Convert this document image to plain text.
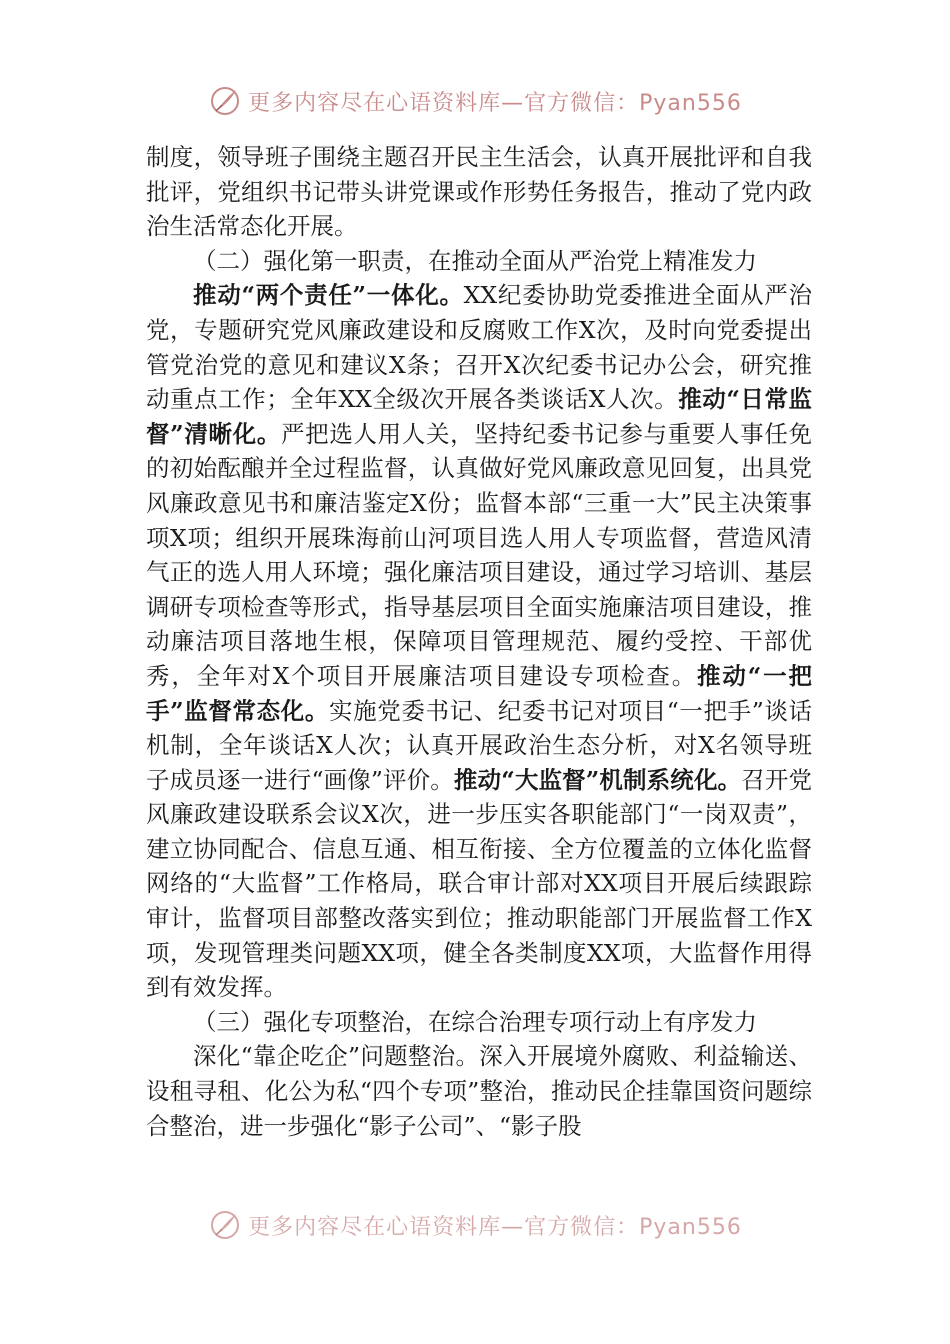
更多内容尽在心语资料库—官方微信：Pyan556

制度，领导班子围绕主题召开民主生活会，认真开展批评和自我批评，党组织书记带头讲党课或作形势任务报告，推动了党内政治生活常态化开展。

（二）强化第一职责，在推动全面从严治党上精准发力

推动“两个责任”一体化。XX纪委协助党委推进全面从严治党，专题研究党风廉政建设和反腐败工作X次，及时向党委提出管党治党的意见和建议X条；召开X次纪委书记办公会，研究推动重点工作；全年XX全级次开展各类谈话X人次。推动“日常监督”清晰化。严把选人用人关，坚持纪委书记参与重要人事任免的初始酝酿并全过程监督，认真做好党风廉政意见回复，出具党风廉政意见书和廉洁鉴定X份；监督本部“三重一大”民主决策事项X项；组织开展珠海前山河项目选人用人专项监督，营造风清气正的选人用人环境；强化廉洁项目建设，通过学习培训、基层调研专项检查等形式，指导基层项目全面实施廉洁项目建设，推动廉洁项目落地生根，保障项目管理规范、履约受控、干部优秀，全年对X个项目开展廉洁项目建设专项检查。推动“一把手”监督常态化。实施党委书记、纪委书记对项目“一把手”谈话机制，全年谈话X人次；认真开展政治生态分析，对X名领导班子成员逐一进行“画像”评价。推动“大监督”机制系统化。召开党风廉政建设联系会议X次，进一步压实各职能部门“一岗双责”，建立协同配合、信息互通、相互衔接、全方位覆盖的立体化监督网络的“大监督”工作格局，联合审计部对XX项目开展后续跟踪审计，监督项目部整改落实到位；推动职能部门开展监督工作X项，发现管理类问题XX项，健全各类制度XX项，大监督作用得到有效发挥。

（三）强化专项整治，在综合治理专项行动上有序发力

深化“靠企吃企”问题整治。深入开展境外腐败、利益输送、设租寻租、化公为私“四个专项”整治，推动民企挂靠国资问题综合整治，进一步强化“影子公司”、“影子股

更多内容尽在心语资料库—官方微信：Pyan556
